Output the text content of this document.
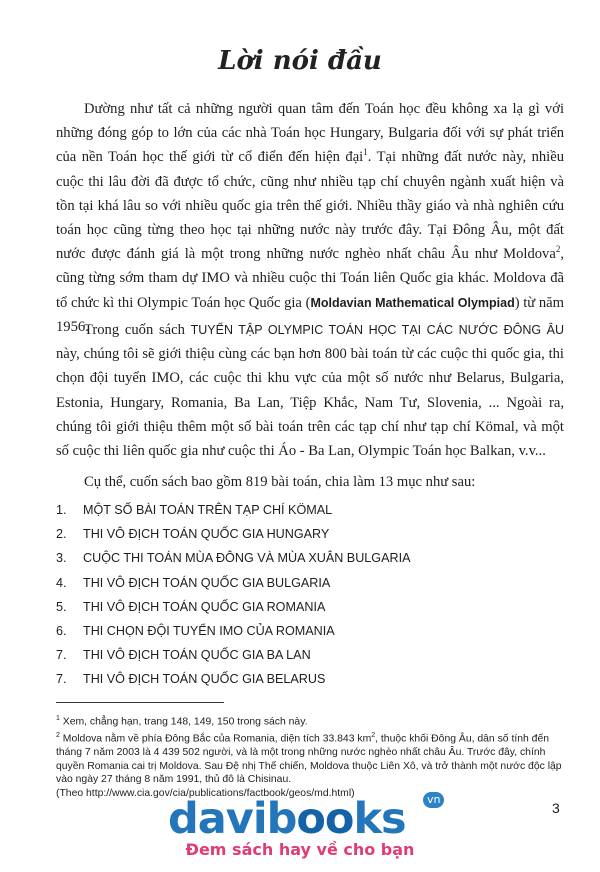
Lời nói đầu

Dường như tất cả những người quan tâm đến Toán học đều không xa lạ gì với những đóng góp to lớn của các nhà Toán học Hungary, Bulgaria đối với sự phát triển của nền Toán học thế giới từ cổ điển đến hiện đại$^1$. Tại những đất nước này, nhiều cuộc thi lâu đời đã được tổ chức, cũng như nhiều tạp chí chuyên ngành xuất hiện và tồn tại khá lâu so với nhiều quốc gia trên thế giới. Nhiều thầy giáo và nhà nghiên cứu toán học cũng từng theo học tại những nước này trước đây. Tại Đông Âu, một đất nước được đánh giá là một trong những nước nghèo nhất châu Âu như Moldova$^2$, cũng từng sớm tham dự IMO và nhiều cuộc thi Toán liên Quốc gia khác. Moldova đã tổ chức kì thi Olympic Toán học Quốc gia (Moldavian Mathematical Olympiad) từ năm 1956.

Trong cuốn sách TUYỂN TẬP OLYMPIC TOÁN HỌC TẠI CÁC NƯỚC ĐÔNG ÂU này, chúng tôi sẽ giới thiệu cùng các bạn hơn 800 bài toán từ các cuộc thi quốc gia, thi chọn đội tuyển IMO, các cuộc thi khu vực của một số nước như Belarus, Bulgaria, Estonia, Hungary, Romania, Ba Lan, Tiệp Khắc, Nam Tư, Slovenia, ... Ngoài ra, chúng tôi giới thiệu thêm một số bài toán trên các tạp chí như tạp chí Kömal, và một số cuộc thi liên quốc gia như cuộc thi Áo - Ba Lan, Olympic Toán học Balkan, v.v...

Cụ thể, cuốn sách bao gồm 819 bài toán, chia làm 13 mục như sau:

1. MỘT SỐ BÀI TOÁN TRÊN TẠP CHÍ KÖMAL
2. THI VÔ ĐỊCH TOÁN QUỐC GIA HUNGARY
3. CUỘC THI TOÁN MÙA ĐÔNG VÀ MÙA XUÂN BULGARIA
4. THI VÔ ĐỊCH TOÁN QUỐC GIA BULGARIA
5. THI VÔ ĐỊCH TOÁN QUỐC GIA ROMANIA
6. THI CHỌN ĐỘI TUYỂN IMO CỦA ROMANIA
7. THI VÔ ĐỊCH TOÁN QUỐC GIA BA LAN
7. THI VÔ ĐỊCH TOÁN QUỐC GIA BELARUS

$^1$ Xem, chẳng hạn, trang 148, 149, 150 trong sách này.

$^2$ Moldova nằm về phía Đông Bắc của Romania, diện tích 33.843 $km^2$, thuộc khối Đông Âu, dân số tính đến tháng 7 năm 2003 là 4 439 502 người, và là một trong những nước nghèo nhất châu Âu. Trước đây, chính quyền Romania cai trị Moldova. Sau Đệ nhị Thế chiến, Moldova thuộc Liên Xô, và trở thành một nước độc lập vào ngày 27 tháng 8 năm 1991, thủ đô là Chisinau.

(Theo http://www.cia.gov/cia/publications/factbook/geos/md.html)

3
davibooks	vn
Đem sách hay về cho bạn
